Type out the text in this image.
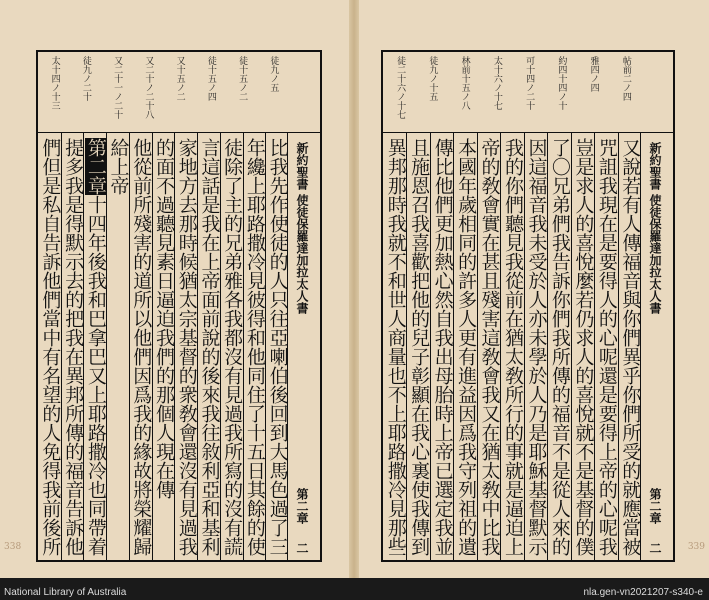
徒九ノ五
徒十五ノ二
徒十五ノ四
又十五ノ二
又二十ノ二十八
又二十一ノ二十
徒九ノ二十
太十四ノ十三
比我先作使徒的人只往亞喇伯後回到大馬色過了三
年纔上耶路撒冷見彼得和他同住了十五日其餘的使
徒除了主的兄弟雅各我都沒有見過我所寫的沒有謊
言這話是我在上帝面前說的後來我往敘利亞和基利
家地方去那時候猶太宗基督的衆敎會還沒有見過我
的面不過聽見素日逼迫我們的那個人現在傳
他從前所殘害的道所以他們因爲我的緣故將榮耀歸
給上帝
第二章十四年後我和巴拿巴又上耶路撒冷也同帶着
提多我是得默示去的把我在異邦所傳的福音告訴他
們但是私自告訴他們當中有名望的人免得我前後所	新約聖書 使徒保羅達加拉太人書
第二章
二
338
帖前二ノ四
雅四ノ四
約四十四ノ十
可十四ノ二十
太十六ノ十七
林前十五ノ八
徒九ノ十五
徒二十六ノ十七
又說若有人傳福音與你們異乎你們所受的就應當被
咒詛我現在是要得人的心呢還是要得上帝的心呢我
豈是求人的喜悅麼若仍求人的喜悅就不是基督的僕
了〇兄弟們我告訴你們我所傳的福音不是從人來的
因這福音我未受於人亦未學於人乃是耶穌基督默示
我的你們聽見我從前在猶太敎所行的事就是逼迫上
帝的敎會實在甚且殘害這敎會我又在猶太敎中比我
本國年歲相同的許多人更有進益因爲我守列祖的遺
傳比他們更加熱心然自我出母胎時上帝已選定我並
且施恩召我喜歡把他的兒子彰顯在我心裏使我傳到
異邦那時我就不和世人商量也不上耶路撒冷見那些	新約聖書 使徒保羅達加拉太人書
第二章
二	339
National Library of Australia	nla.gen-vn2021207-s340-e
